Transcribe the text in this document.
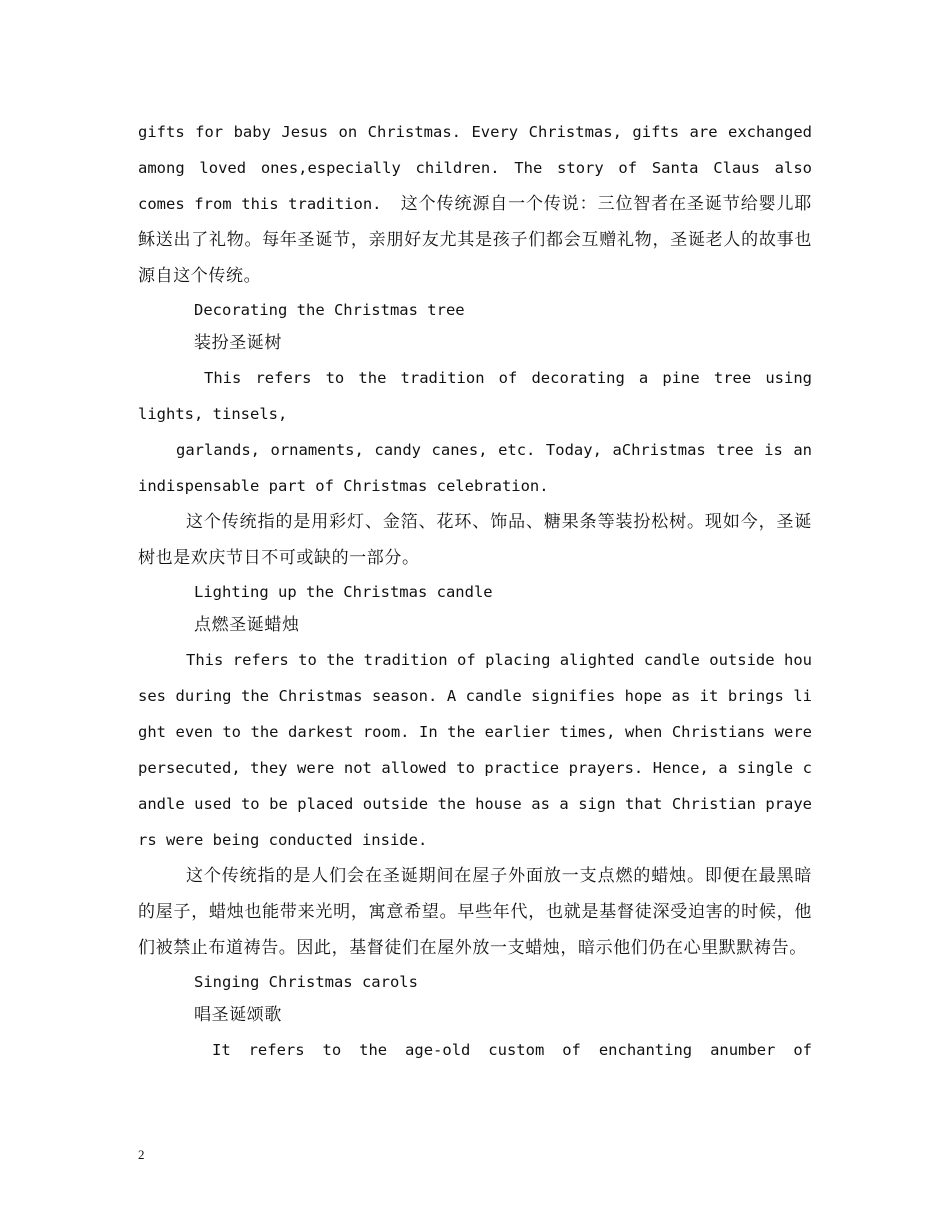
gifts for baby Jesus on Christmas. Every Christmas, gifts are exchanged among loved ones,especially children. The story of Santa Claus also comes from this tradition. 这个传统源自一个传说：三位智者在圣诞节给婴儿耶稣送出了礼物。每年圣诞节，亲朋好友尤其是孩子们都会互赠礼物，圣诞老人的故事也源自这个传统。

Decorating the Christmas tree

装扮圣诞树

This refers to the tradition of decorating a pine tree using

lights, tinsels,

garlands, ornaments, candy canes, etc. Today, aChristmas tree is an indispensable part of Christmas celebration.

这个传统指的是用彩灯、金箔、花环、饰品、糖果条等装扮松树。现如今，圣诞树也是欢庆节日不可或缺的一部分。

Lighting up the Christmas candle

点燃圣诞蜡烛

This refers to the tradition of placing alighted candle outside houses during the Christmas season. A candle signifies hope as it brings light even to the darkest room. In the earlier times, when Christians were persecuted, they were not allowed to practice prayers. Hence, a single candle used to be placed outside the house as a sign that Christian prayers were being conducted inside.

这个传统指的是人们会在圣诞期间在屋子外面放一支点燃的蜡烛。即便在最黑暗的屋子，蜡烛也能带来光明，寓意希望。早些年代，也就是基督徒深受迫害的时候，他们被禁止布道祷告。因此，基督徒们在屋外放一支蜡烛，暗示他们仍在心里默默祷告。

Singing Christmas carols

唱圣诞颂歌

It refers to the age-old custom of enchanting anumber of

2
